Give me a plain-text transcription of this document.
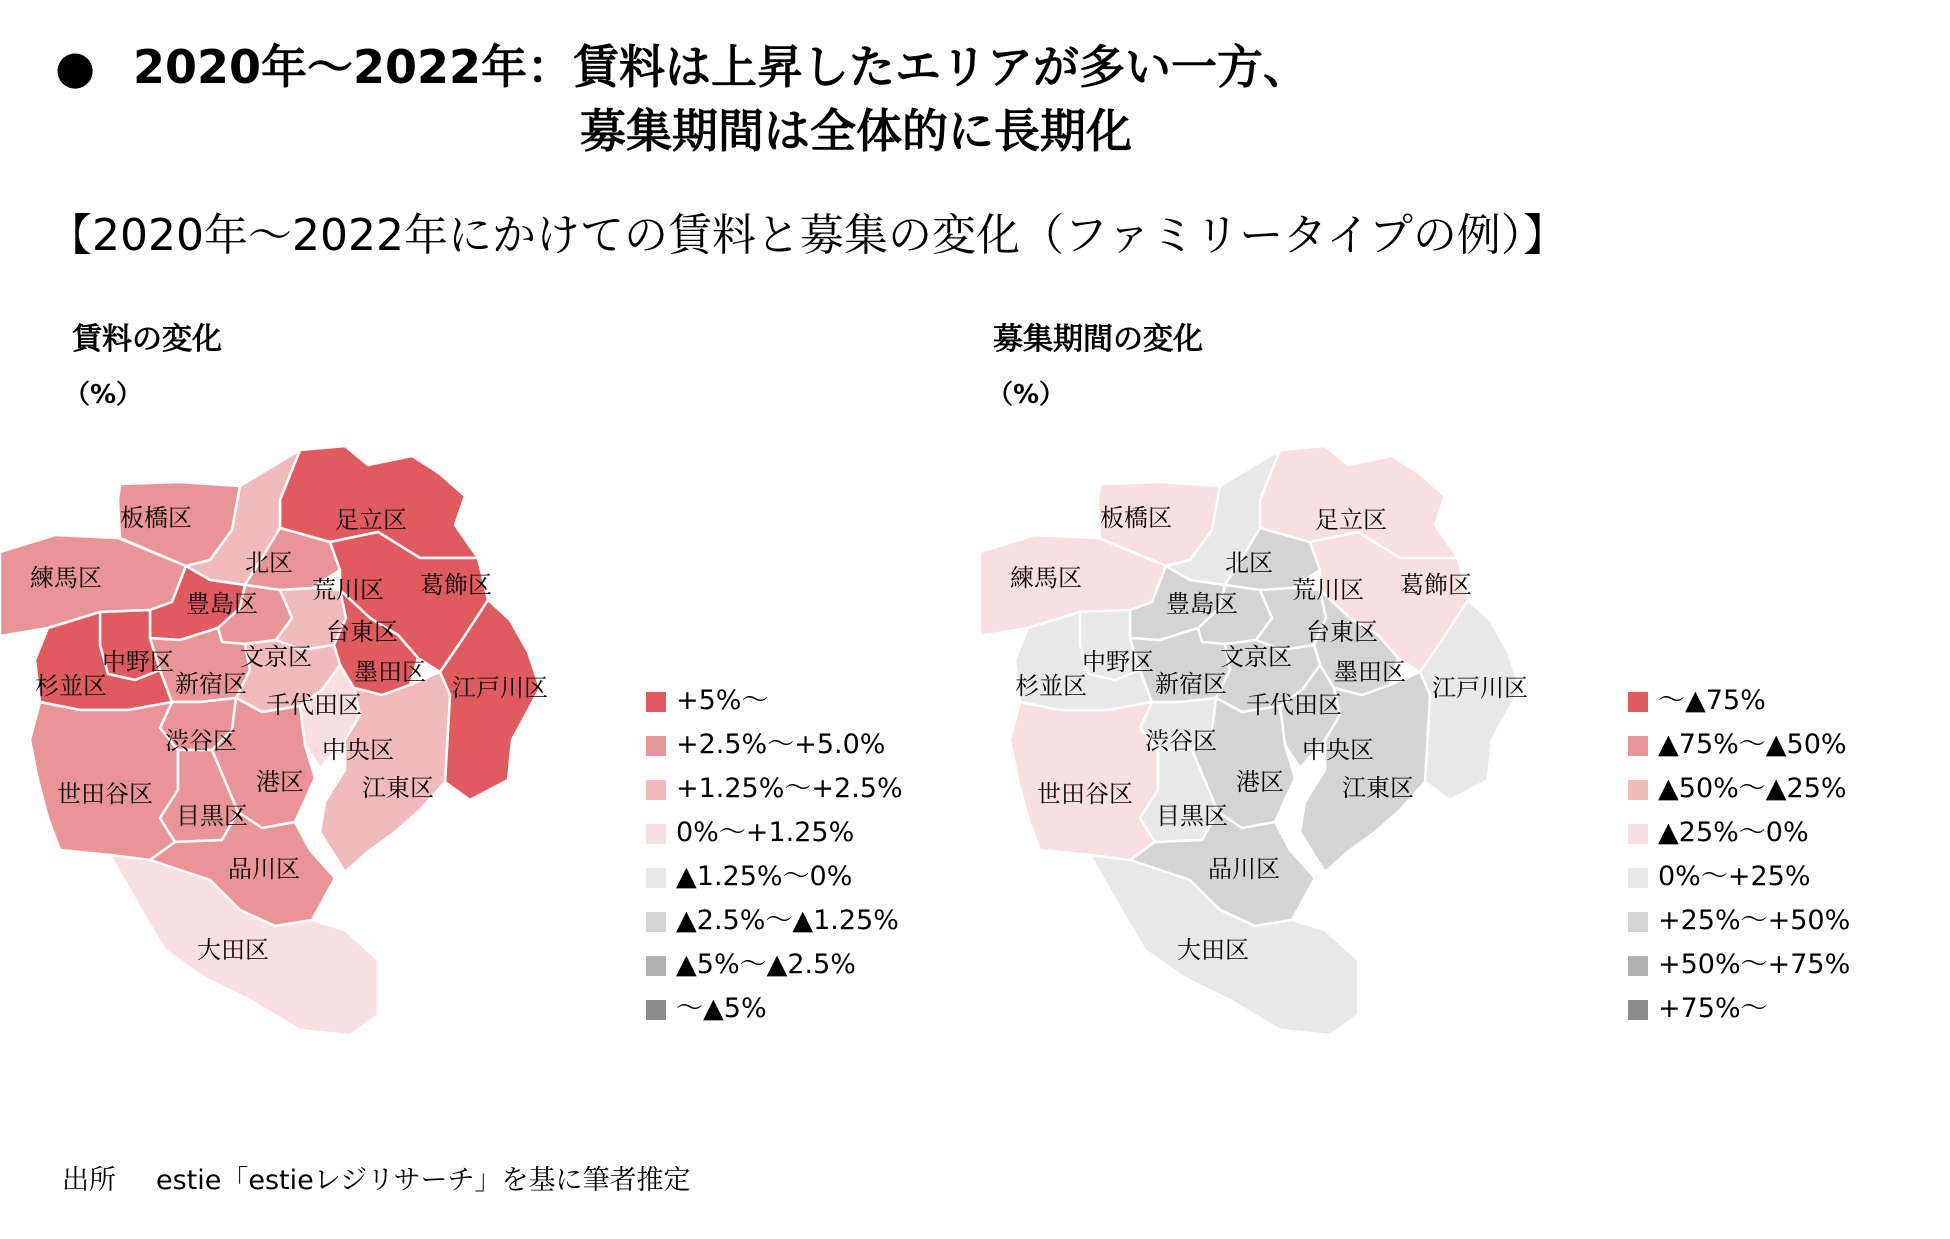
● 2020年～2022年：賃料は上昇したエリアが多い一方、
募集期間は全体的に長期化
【2020年～2022年にかけての賃料と募集の変化（ファミリータイプの例）】
賃料の変化
（%）
募集期間の変化
（%）
板橋区	足立区
練馬区
北区
荒川区 葛飾区
豊島区
中野区	文京区
台東区
杉並区	新宿区	墨田区
江戸川区
千代田区
渋谷区	中央区
港区
世田谷区	江東区
目黒区
品川区
大田区
板橋区	足立区
練馬区
北区
荒川区 葛飾区
豊島区
中野区	文京区
台東区
杉並区	新宿区	墨田区
江戸川区
千代田区
渋谷区	中央区
港区
世田谷区	江東区
目黒区
品川区
大田区
+5%～
+2.5%～+5.0%
+1.25%～+2.5%
0%～+1.25%
▲1.25%～0%
▲2.5%～▲1.25%
▲5%～▲2.5%
～▲5%
～▲75%
▲75%～▲50%
▲50%～▲25%
▲25%～0%
0%～+25%
+25%～+50%
+50%～+75%
+75%～
出所 estie「estieレジリサーチ」を基に筆者推定
